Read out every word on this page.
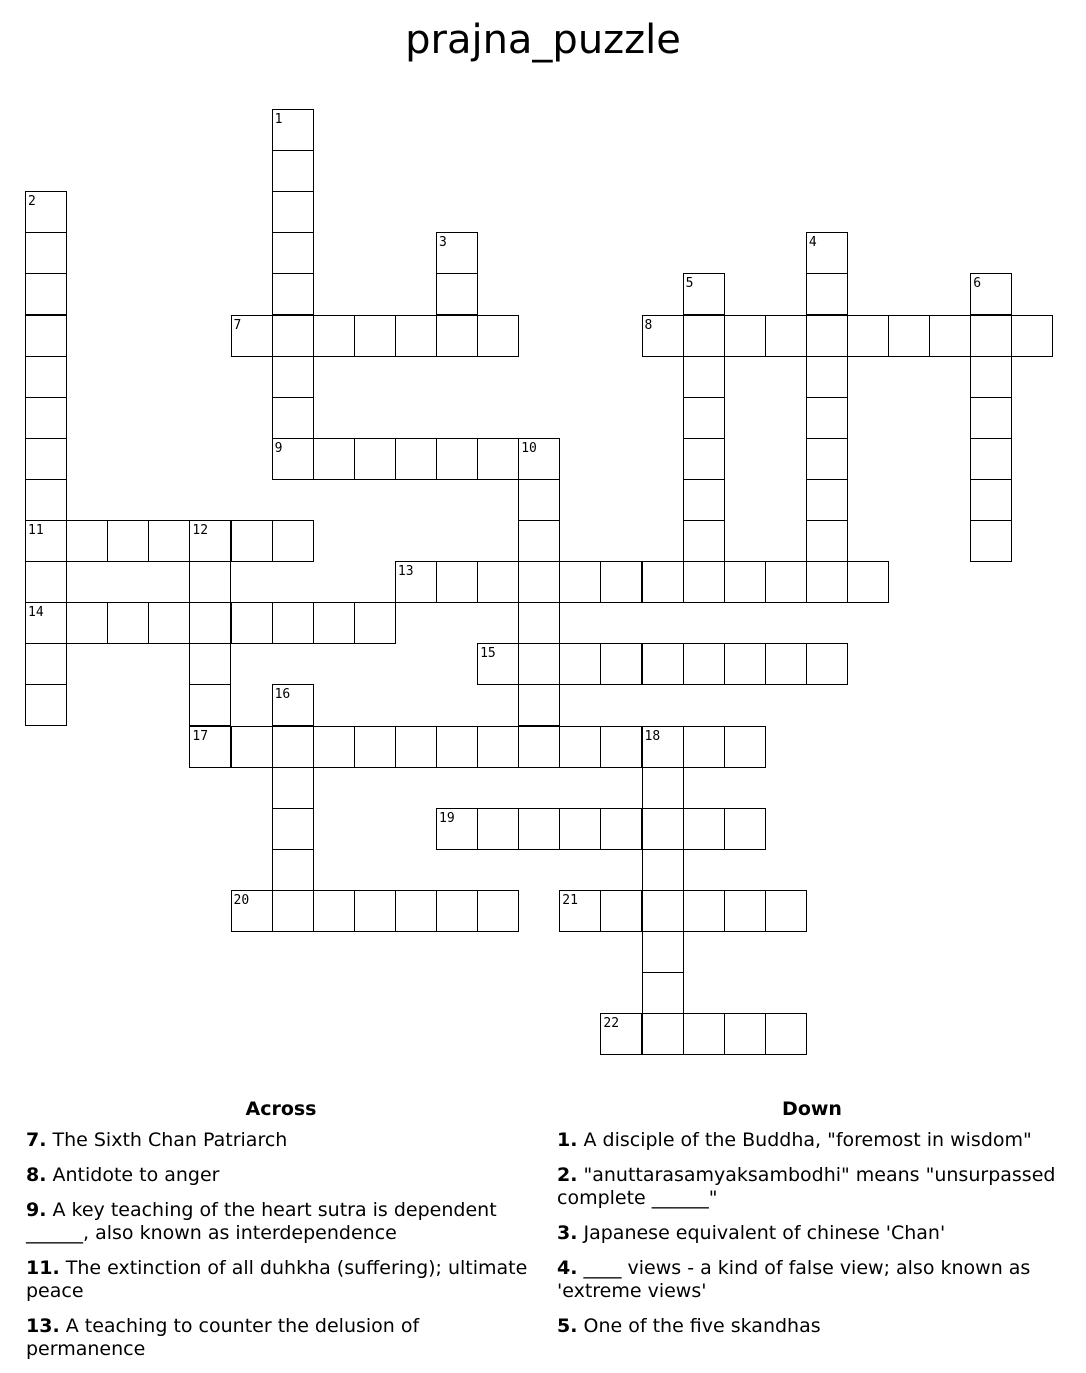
prajna_puzzle
1
2
11
14
3	4
5	6
7	8
9	10
12
17
13
15
16
18
19
20	21
22
Across
7. The Sixth Chan Patriarch
8. Antidote to anger
9. A key teaching of the heart sutra is dependent ______, also known as interdependence
11. The extinction of all duhkha (suffering); ultimate peace
13. A teaching to counter the delusion of permanence
Down
1. A disciple of the Buddha, "foremost in wisdom"
2. "anuttarasamyaksambodhi" means "unsurpassed complete ______"
3. Japanese equivalent of chinese 'Chan'
4. ____ views - a kind of false view; also known as 'extreme views'
5. One of the five skandhas
